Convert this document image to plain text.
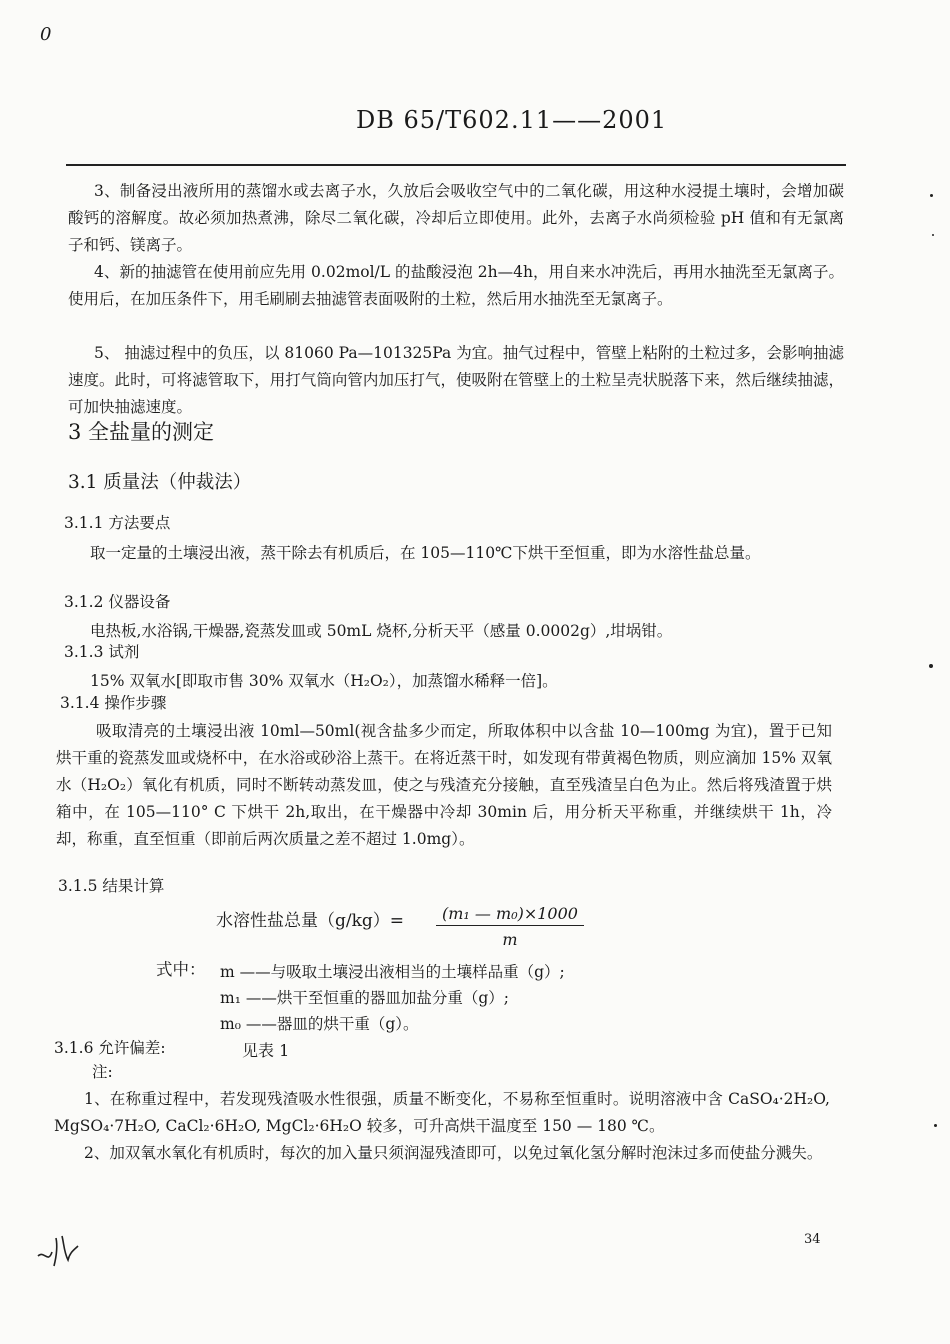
0
DB 65/T602.11——2001
3、制备浸出液所用的蒸馏水或去离子水，久放后会吸收空气中的二氧化碳，用这种水浸提土壤时，会增加碳酸钙的溶解度。故必须加热煮沸，除尽二氧化碳，冷却后立即使用。此外，去离子水尚须检验 pH 值和有无氯离子和钙、镁离子。
4、新的抽滤管在使用前应先用 0.02mol/L 的盐酸浸泡 2h—4h，用自来水冲洗后，再用水抽洗至无氯离子。使用后，在加压条件下，用毛刷刷去抽滤管表面吸附的土粒，然后用水抽洗至无氯离子。
5、 抽滤过程中的负压，以 81060 Pa—101325Pa 为宜。抽气过程中，管壁上粘附的土粒过多，会影响抽滤速度。此时，可将滤管取下，用打气筒向管内加压打气，使吸附在管壁上的土粒呈壳状脱落下来，然后继续抽滤，可加快抽滤速度。
3 全盐量的测定
3.1 质量法（仲裁法）
3.1.1 方法要点
取一定量的土壤浸出液，蒸干除去有机质后，在 105—110℃下烘干至恒重，即为水溶性盐总量。
3.1.2 仪器设备
电热板,水浴锅,干燥器,瓷蒸发皿或 50mL 烧杯,分析天平（感量 0.0002g）,坩埚钳。
3.1.3 试剂
15% 双氧水[即取市售 30% 双氧水（H₂O₂），加蒸馏水稀释一倍]。
3.1.4 操作步骤
吸取清亮的土壤浸出液 10ml—50ml(视含盐多少而定，所取体积中以含盐 10—100mg 为宜)，置于已知烘干重的瓷蒸发皿或烧杯中，在水浴或砂浴上蒸干。在将近蒸干时，如发现有带黄褐色物质，则应滴加 15% 双氧水（H₂O₂）氧化有机质，同时不断转动蒸发皿，使之与残渣充分接触，直至残渣呈白色为止。然后将残渣置于烘箱中，在 105—110° C 下烘干 2h,取出，在干燥器中冷却 30min 后，用分析天平称重，并继续烘干 1h，冷却，称重，直至恒重（即前后两次质量之差不超过 1.0mg）。
3.1.5 结果计算
水溶性盐总量$(g/kg)= \frac{\text{(m₁ — m₀)×1000}}{m}$
式中： m ——与吸取土壤浸出液相当的土壤样品重（g）;
m₁ ——烘干至恒重的器皿加盐分重（g）;
m₀ ——器皿的烘干重（g）。
3.1.6 允许偏差:	见表 1
注:
1、在称重过程中，若发现残渣吸水性很强，质量不断变化，不易称至恒重时。说明溶液中含 CaSO₄·2H₂O, MgSO₄·7H₂O, CaCl₂·6H₂O, MgCl₂·6H₂O 较多，可升高烘干温度至 150 — 180 ℃。
2、加双氧水氧化有机质时，每次的加入量只须润湿残渣即可，以免过氧化氢分解时泡沫过多而使盐分溅失。
34
